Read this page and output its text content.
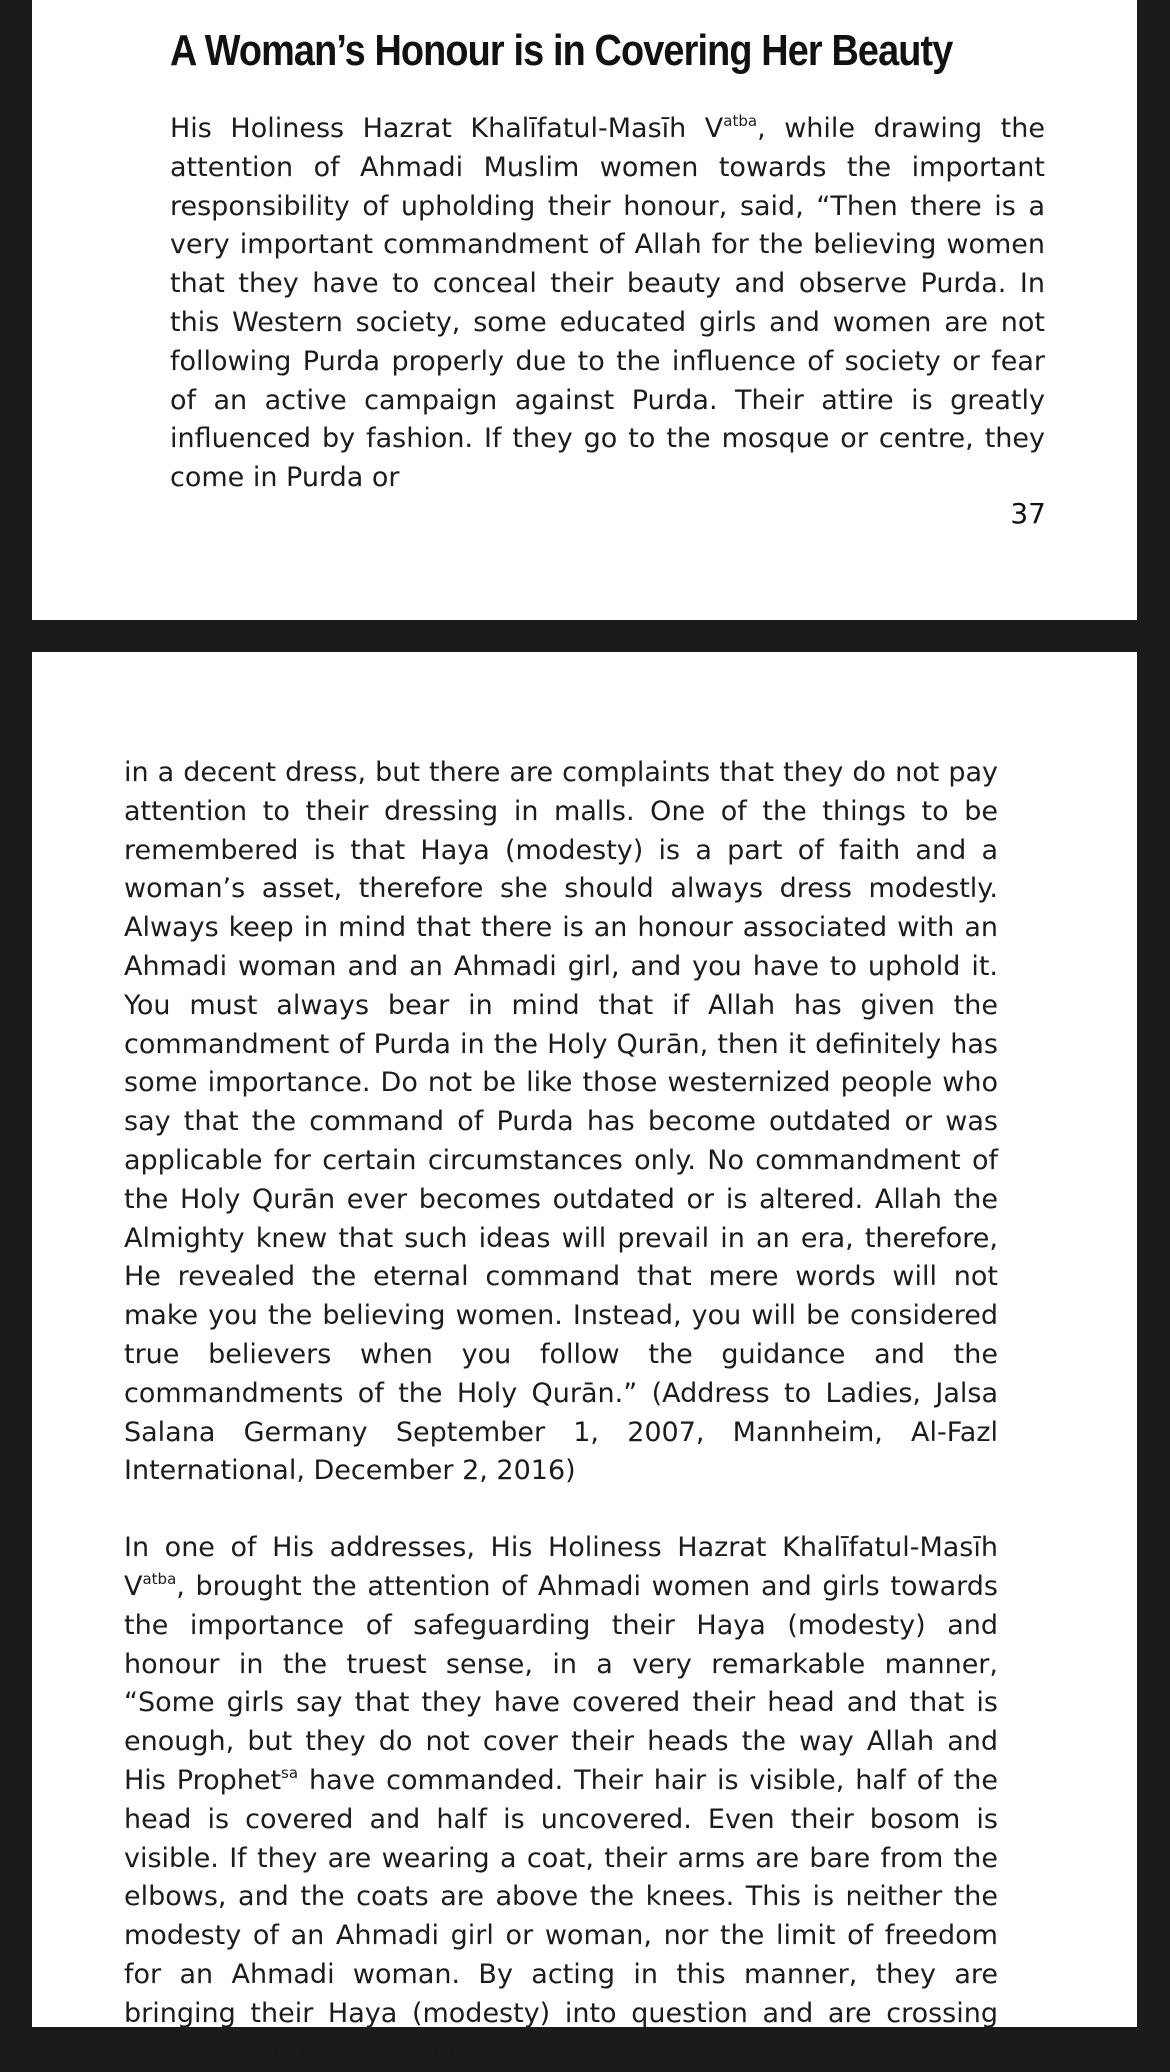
A Woman’s Honour is in Covering Her Beauty

His Holiness Hazrat Khalīfatul-Masīh $V^{atba}$, while drawing the attention of Ahmadi Muslim women towards the important responsibility of upholding their honour, said, “Then there is a very important commandment of Allah for the believing women that they have to conceal their beauty and observe Purda. In this Western society, some educated girls and women are not following Purda properly due to the influence of society or fear of an active campaign against Purda. Their attire is greatly influenced by fashion. If they go to the mosque or centre, they come in Purda or

37

in a decent dress, but there are complaints that they do not pay attention to their dressing in malls. One of the things to be remembered is that Haya (modesty) is a part of faith and a woman’s asset, therefore she should always dress modestly. Always keep in mind that there is an honour associated with an Ahmadi woman and an Ahmadi girl, and you have to uphold it. You must always bear in mind that if Allah has given the commandment of Purda in the Holy Qurān, then it definitely has some importance. Do not be like those westernized people who say that the command of Purda has become outdated or was applicable for certain circumstances only. No commandment of the Holy Qurān ever becomes outdated or is altered. Allah the Almighty knew that such ideas will prevail in an era, therefore, He revealed the eternal command that mere words will not make you the believing women. Instead, you will be considered true believers when you follow the guidance and the commandments of the Holy Qurān.” (Address to Ladies, Jalsa Salana Germany September 1, 2007, Mannheim, Al-Fazl International, December 2, 2016)

In one of His addresses, His Holiness Hazrat Khalīfatul-Masīh $V^{atba}$, brought the attention of Ahmadi women and girls towards the importance of safeguarding their Haya (modesty) and honour in the truest sense, in a very remarkable manner, “Some girls say that they have covered their head and that is enough, but they do not cover their heads the way Allah and His Prophet$^{sa}$ have commanded. Their hair is visible, half of the head is covered and half is uncovered. Even their bosom is visible. If they are wearing a coat, their arms are bare from the elbows, and the coats are above the knees. This is neither the modesty of an Ahmadi girl or woman, nor the limit of freedom for an Ahmadi woman. By acting in this manner, they are bringing their Haya (modesty) into question and are crossing the limits of their freedom.
